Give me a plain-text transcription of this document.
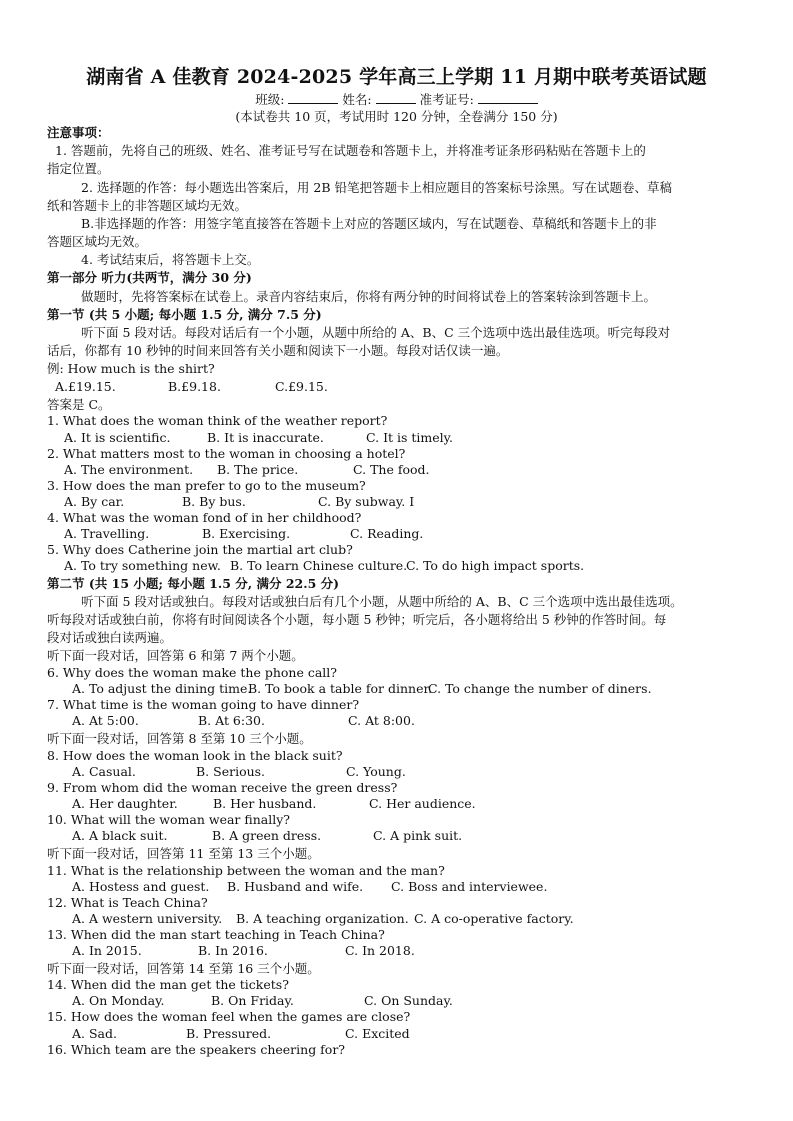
湖南省 A 佳教育 2024-2025 学年高三上学期 11 月期中联考英语试题
班级:	姓名:	准考证号:
(本试卷共 10 页，考试用时 120 分钟，全卷满分 150 分)
注意事项：
1. 答题前，先将自己的班级、姓名、准考证号写在试题卷和答题卡上，并将准考证条形码粘贴在答题卡上的
指定位置。
2. 选择题的作答：每小题选出答案后，用 2B 铅笔把答题卡上相应题目的答案标号涂黑。写在试题卷、草稿
纸和答题卡上的非答题区域均无效。
B.非选择题的作答：用签字笔直接答在答题卡上对应的答题区域内，写在试题卷、草稿纸和答题卡上的非
答题区域均无效。
4. 考试结束后，将答题卡上交。
第一部分 听力(共两节，满分 30 分)
做题时，先将答案标在试卷上。录音内容结束后，你将有两分钟的时间将试卷上的答案转涂到答题卡上。
第一节 (共 5 小题; 每小题 1.5 分, 满分 7.5 分)
听下面 5 段对话。每段对话后有一个小题，从题中所给的 A、B、C 三个选项中选出最佳选项。听完每段对
话后，你都有 10 秒钟的时间来回答有关小题和阅读下一小题。每段对话仅读一遍。
例: How much is the shirt?
A.£19.15.	B.£9.18.	C.£9.15.
答案是 C。
1. What does the woman think of the weather report?
A. It is scientific.	B. It is inaccurate.	C. It is timely.
2. What matters most to the woman in choosing a hotel?
A. The environment. B. The price.	C. The food.
3. How does the man prefer to go to the museum?
A. By car.	B. By bus.	C. By subway. I
4. What was the woman fond of in her childhood?
A. Travelling.	B. Exercising.	C. Reading.
5. Why does Catherine join the martial art club?
A. To try something new. B. To learn Chinese culture.
C. To do high impact sports.
第二节 (共 15 小题; 每小题 1.5 分, 满分 22.5 分)
听下面 5 段对话或独白。每段对话或独白后有几个小题，从题中所给的 A、B、C 三个选项中选出最佳选项。
听每段对话或独白前，你将有时间阅读各个小题，每小题 5 秒钟；听完后，各小题将给出 5 秒钟的作答时间。每
段对话或独白读两遍。
听下面一段对话，回答第 6 和第 7 两个小题。
6. Why does the woman make the phone call?
A. To adjust the dining time.
B. To book a table for dinner.
C. To change the number of diners.
7. What time is the woman going to have dinner?
A. At 5:00.	B. At 6:30.	C. At 8:00.
听下面一段对话，回答第 8 至第 10 三个小题。
8. How does the woman look in the black suit?
A. Casual.	B. Serious.	C. Young.
9. From whom did the woman receive the green dress?
A. Her daughter.	B. Her husband.	C. Her audience.
10. What will the woman wear finally?
A. A black suit.	B. A green dress.	C. A pink suit.
听下面一段对话，回答第 11 至第 13 三个小题。
11. What is the relationship between the woman and the man?
A. Hostess and guest. B. Husband and wife. C. Boss and interviewee.
12. What is Teach China?
A. A western university. B. A teaching organization. C. A co-operative factory.
13. When did the man start teaching in Teach China?
A. In 2015.	B. In 2016.	C. In 2018.
听下面一段对话，回答第 14 至第 16 三个小题。
14. When did the man get the tickets?
A. On Monday.	B. On Friday.	C. On Sunday.
15. How does the woman feel when the games are close?
A. Sad.	B. Pressured.	C. Excited
16. Which team are the speakers cheering for?
